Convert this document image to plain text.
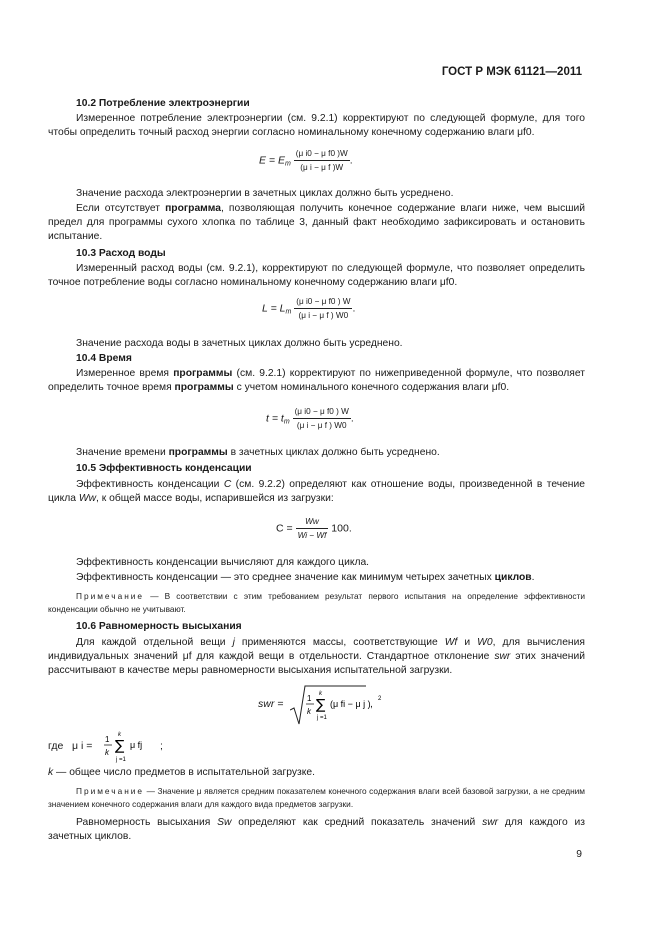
ГОСТ Р МЭК 61121—2011
10.2 Потребление электроэнергии
Измеренное потребление электроэнергии (см. 9.2.1) корректируют по следующей формуле, для того чтобы определить точный расход энергии согласно номинальному конечному содержанию влаги μf0.
$E = E_m \frac{\text{(μ i0 − μ f0 )W}}{\text{(μ i − μ f )W}}$ .
Значение расхода электроэнергии в зачетных циклах должно быть усреднено.
Если отсутствует программа, позволяющая получить конечное содержание влаги ниже, чем высший предел для программы сухого хлопка по таблице 3, данный факт необходимо зафиксировать и остановить испытание.
10.3 Расход воды
Измеренный расход воды (см. 9.2.1), корректируют по следующей формуле, что позволяет определить точное потребление воды согласно номинальному конечному содержанию влаги μf0.
$L = L_m \frac{\text{(μ i0 − μ f0 ) W}}{\text{(μ i − μ f ) W0}}$ .
Значение расхода воды в зачетных циклах должно быть усреднено.
10.4 Время
Измеренное время программы (см. 9.2.1) корректируют по нижеприведенной формуле, что позволяет определить точное время программы с учетом номинального конечного содержания влаги μf0.
$t = t_m \frac{\text{(μ i0 − μ f0 ) W}}{\text{(μ i − μ f ) W0}}$ .
Значение времени программы в зачетных циклах должно быть усреднено.
10.5 Эффективность конденсации
Эффективность конденсации C (см. 9.2.2) определяют как отношение воды, произведенной в течение цикла Ww, к общей массе воды, испарившейся из загрузки:
$C = \frac{Ww}{Wi - Wf} 100$.
Эффективность конденсации вычисляют для каждого цикла.
Эффективность конденсации — это среднее значение как минимум четырех зачетных циклов.
Примечание — В соответствии с этим требованием результат первого испытания на определение эффективности конденсации обычно не учитывают.
10.6 Равномерность высыхания
Для каждой отдельной вещи j применяются массы, соответствующие Wf и W0, для вычисления индивидуальных значений μf для каждой вещи в отдельности. Стандартное отклонение swr этих значений рассчитывают в качестве меры равномерности высыхания испытательной загрузки.
swr =	1
k
k
∑
j =1
(μ fi − μ j ) 2
,
где μ i =
1
k
k
∑
j =1
μ fj ;
k — общее число предметов в испытательной загрузке.
Примечание — Значение μ является средним показателем конечного содержания влаги всей базовой загрузки, а не средним значением конечного содержания влаги для каждого вида предметов загрузки.
Равномерность высыхания Sw определяют как средний показатель значений swr для каждого из зачетных циклов.
9
